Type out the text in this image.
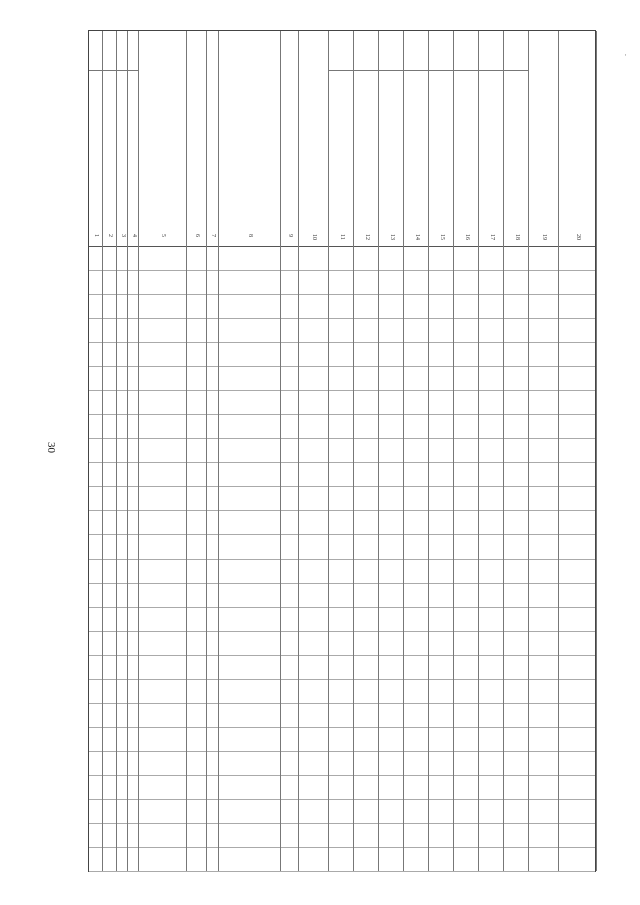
30
·
1 2 3 4	5	6 7	8	9	10	11	12	13	14	15	16	17	18	19	20
